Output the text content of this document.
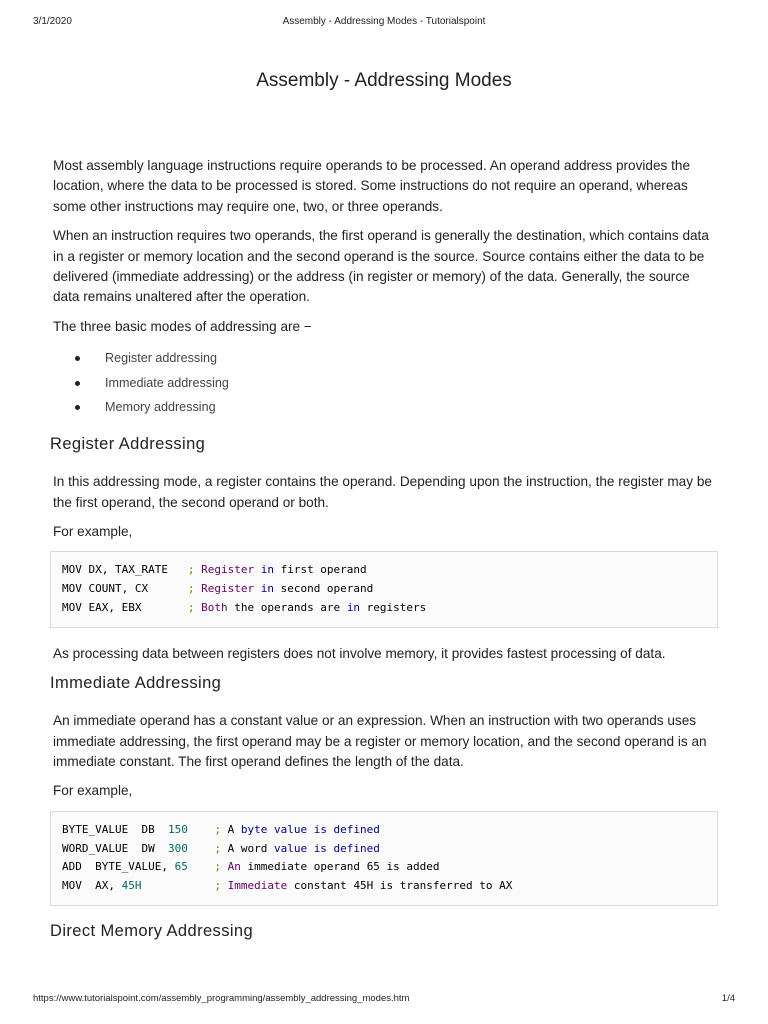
3/1/2020	Assembly - Addressing Modes - Tutorialspoint
Assembly - Addressing Modes

Most assembly language instructions require operands to be processed. An operand address provides the location, where the data to be processed is stored. Some instructions do not require an operand, whereas some other instructions may require one, two, or three operands.

When an instruction requires two operands, the first operand is generally the destination, which contains data in a register or memory location and the second operand is the source. Source contains either the data to be delivered (immediate addressing) or the address (in register or memory) of the data. Generally, the source data remains unaltered after the operation.

The three basic modes of addressing are −

Register addressing
Immediate addressing
Memory addressing
Register Addressing

In this addressing mode, a register contains the operand. Depending upon the instruction, the register may be the first operand, the second operand or both.

For example,

MOV DX, TAX_RATE   ; Register in first operand
MOV COUNT, CX      ; Register in second operand
MOV EAX, EBX       ; Both the operands are in registers

As processing data between registers does not involve memory, it provides fastest processing of data.

Immediate Addressing

An immediate operand has a constant value or an expression. When an instruction with two operands uses immediate addressing, the first operand may be a register or memory location, and the second operand is an immediate constant. The first operand defines the length of the data.

For example,

BYTE_VALUE  DB  150 ; A byte value is defined
WORD_VALUE  DW  300 ; A word value is defined
ADD  BYTE_VALUE, 65 ; An immediate operand 65 is added
MOV  AX, 45H	; Immediate constant 45H is transferred to AX
Direct Memory Addressing
https://www.tutorialspoint.com/assembly_programming/assembly_addressing_modes.htm	1/4
